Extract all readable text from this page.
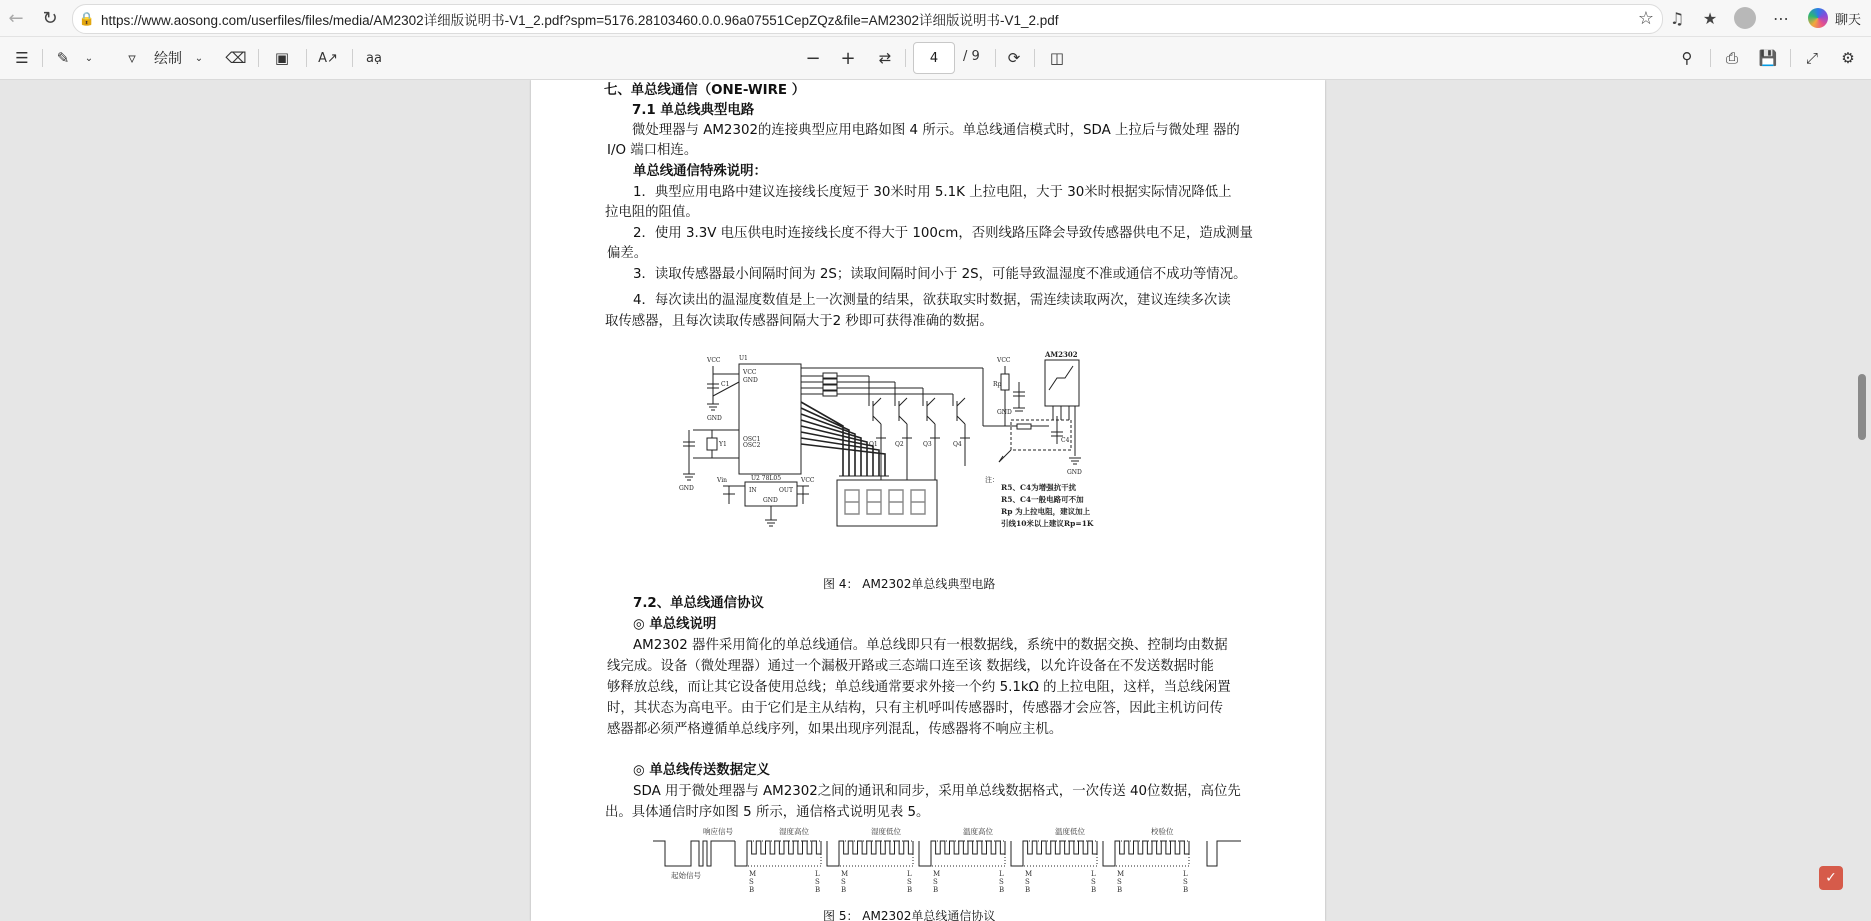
← ↻	🔒 https://www.aosong.com/userfiles/files/media/AM2302详细版说明书-V1_2.pdf?spm=5176.28103460.0.0.96a07551CepZQz&file=AM2302详细版说明书-V1_2.pdf	☆ ♫	★	⋯	聊天
☰	✎ ⌄	▿	绘制	⌄ ⌫	▣	A↗	aạ	− +	⇄	4	/ 9	⟳	◫	⚲	⎙	💾	⤢	⚙
七、单总线通信（ONE-WIRE ）
7.1 单总线典型电路
微处理器与 AM2302的连接典型应用电路如图 4 所示。单总线通信模式时，SDA 上拉后与微处理 器的
I/O 端口相连。
单总线通信特殊说明：
1．典型应用电路中建议连接线长度短于 30米时用 5.1K 上拉电阻，大于 30米时根据实际情况降低上
拉电阻的阻值。
2．使用 3.3V 电压供电时连接线长度不得大于 100cm，否则线路压降会导致传感器供电不足，造成测量
偏差。
3．读取传感器最小间隔时间为 2S；读取间隔时间小于 2S，可能导致温湿度不准或通信不成功等情况。
4．每次读出的温湿度数值是上一次测量的结果，欲获取实时数据，需连续读取两次，建议连续多次读
取传感器，且每次读取传感器间隔大于2 秒即可获得准确的数据。
VCC
C1
GND
U1
VCC
GND
OSC1
OSC2
Y1
GND
U2 78L05
IN	OUT
GND
Vin	VCC
Q1	Q2	Q3	Q4
VCC
Rp
GND
C4
GND
AM2302
注：
R5、C4为增强抗干扰
R5、C4一般电路可不加
Rp 为上拉电阻，建议加上
引线10米以上建议Rp=1K
图 4： AM2302单总线典型电路
7.2、单总线通信协议
◎ 单总线说明
AM2302 器件采用简化的单总线通信。单总线即只有一根数据线，系统中的数据交换、控制均由数据
线完成。设备（微处理器）通过一个漏极开路或三态端口连至该 数据线，以允许设备在不发送数据时能
够释放总线，而让其它设备使用总线；单总线通常要求外接一个约 5.1kΩ 的上拉电阻，这样，当总线闲置
时，其状态为高电平。由于它们是主从结构，只有主机呼叫传感器时，传感器才会应答，因此主机访问传
感器都必须严格遵循单总线序列，如果出现序列混乱，传感器将不响应主机。
◎ 单总线传送数据定义
SDA 用于微处理器与 AM2302之间的通讯和同步，采用单总线数据格式，一次传送 40位数据，高位先
出。具体通信时序如图 5 所示，通信格式说明见表 5。
起始信号
响应信号	湿度高位	湿度低位	温度高位	温度低位	校验位
M
S
B
L
S
B
M
S
B
L
S
B
M
S
B
L
S
B
M
S
B
L
S
B
M
S
B
L
S
B
图 5： AM2302单总线通信协议
✓
